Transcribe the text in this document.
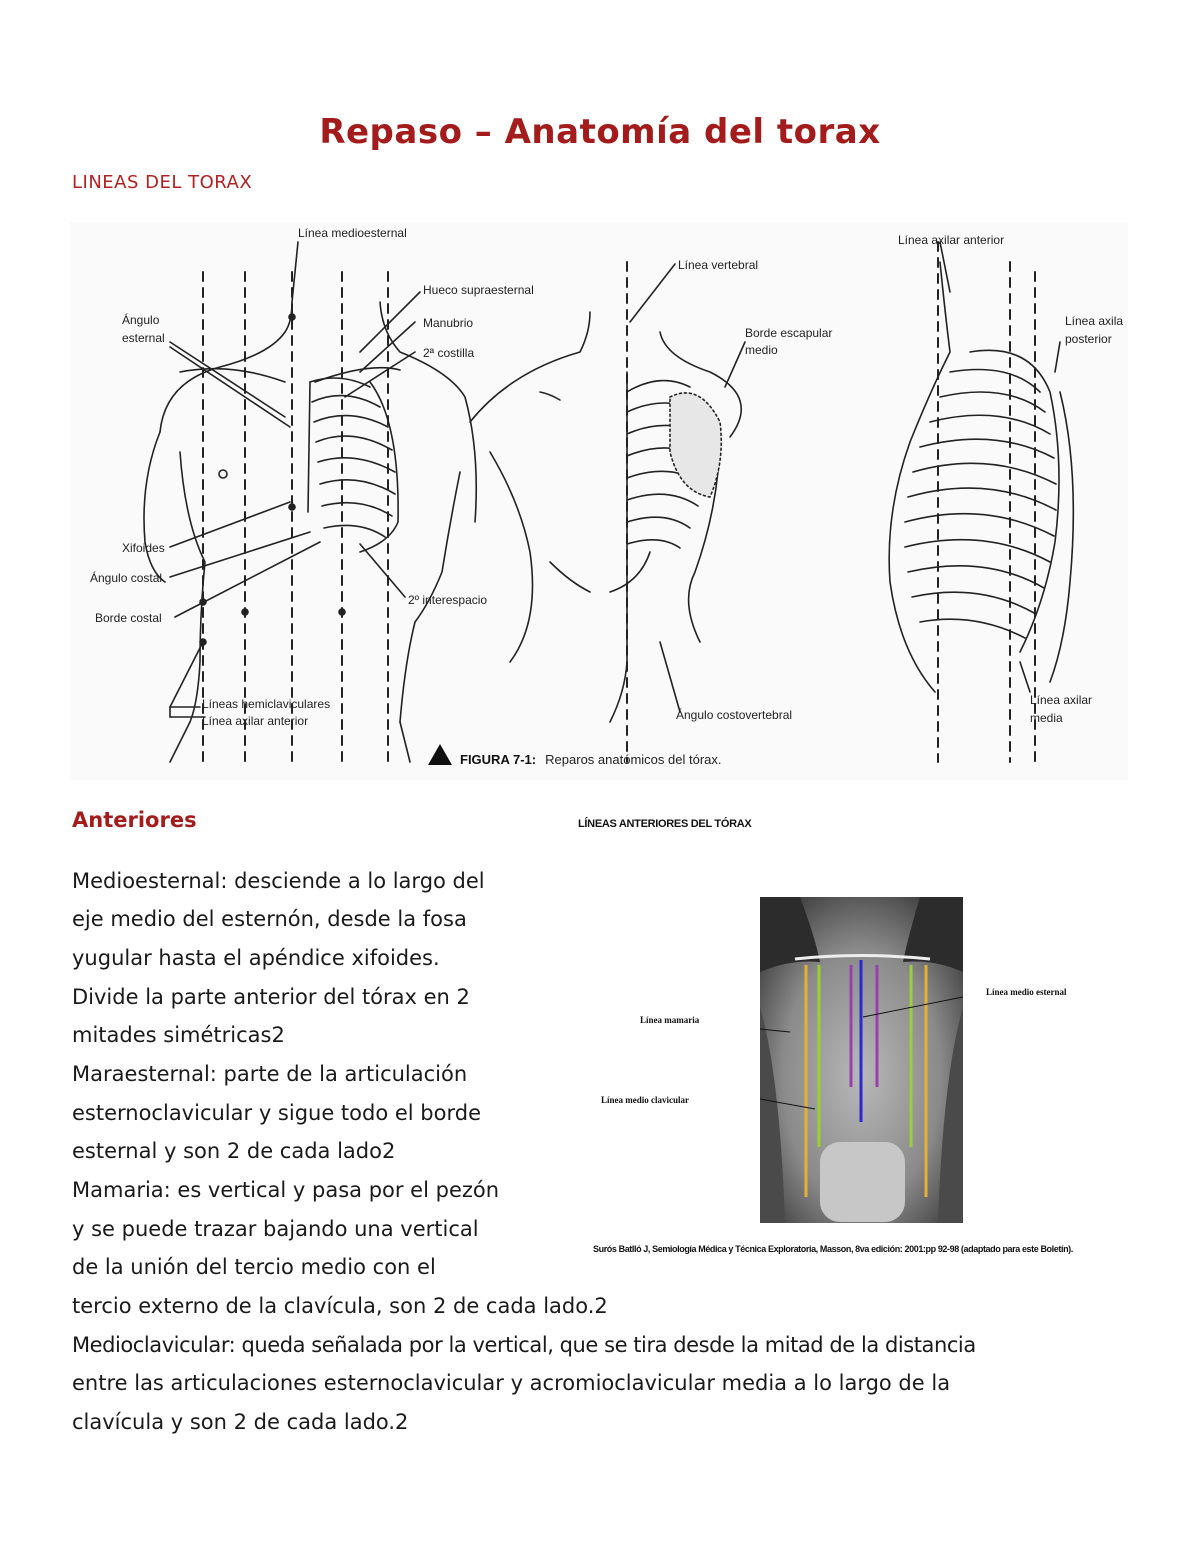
Repaso – Anatomía del torax
LINEAS DEL TORAX
Línea medioesternal
Hueco supraesternal
Ángulo
esternal
Manubrio
2ª costilla
Xifoides
Ángulo costal
Borde costal
2º interespacio
Líneas hemiclaviculares
Línea axilar anterior
Línea vertebral
Borde escapular
medio
Ángulo costovertebral
Línea axilar anterior
Línea axila
posterior
Línea axilar
media
FIGURA 7-1: Reparos anatómicos del tórax.
Anteriores	LÍNEAS ANTERIORES DEL TÓRAX
Línea medio esternal
Línea mamaria
Línea medio clavicular
Surós Batlló J, Semiología Médica y Técnica Exploratoria, Masson, 8va edición: 2001:pp 92-98 (adaptado para este Boletín).
Medioesternal: desciende a lo largo del
eje medio del esternón, desde la fosa
yugular hasta el apéndice xifoides.
Divide la parte anterior del tórax en 2
mitades simétricas2
Maraesternal: parte de la articulación
esternoclavicular y sigue todo el borde
esternal y son 2 de cada lado2
Mamaria: es vertical y pasa por el pezón
y se puede trazar bajando una vertical
de la unión del tercio medio con el
tercio externo de la clavícula, son 2 de cada lado.2
Medioclavicular: queda señalada por la vertical, que se tira desde la mitad de la distancia
entre las articulaciones esternoclavicular y acromioclavicular media a lo largo de la
clavícula y son 2 de cada lado.2
